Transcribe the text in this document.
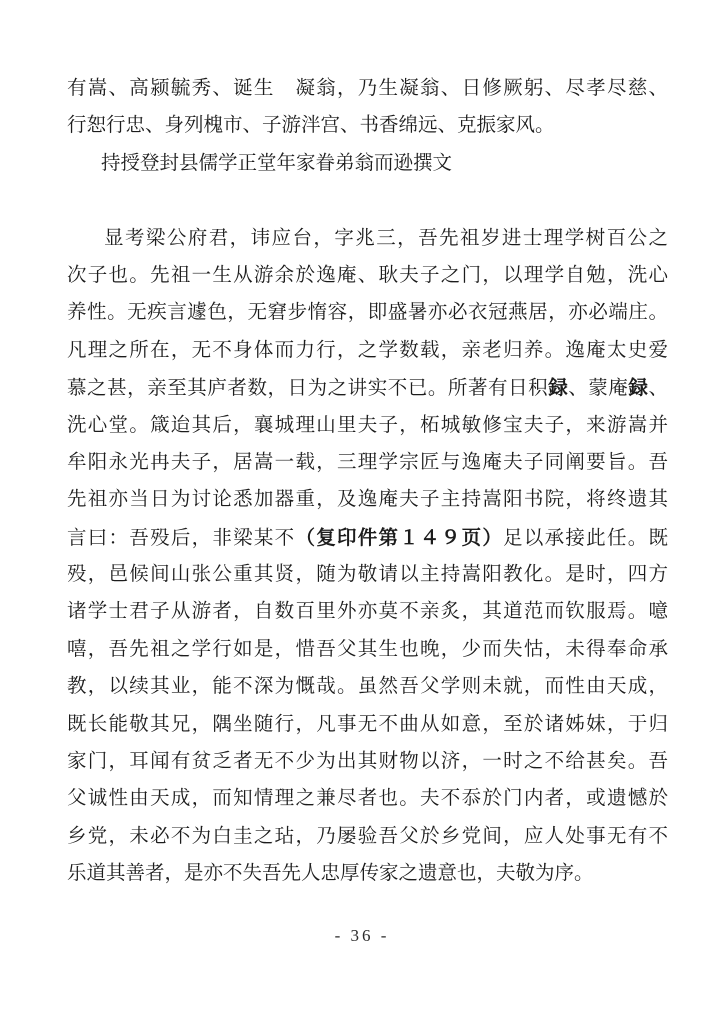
有嵩、高颍毓秀、诞生　凝翁，乃生凝翁、日修厥躬、尽孝尽慈、

行恕行忠、身列槐市、子游泮宫、书香绵远、克振家风。

持授登封县儒学正堂年家眷弟翁而逊撰文

显考梁公府君，讳应台，字兆三，吾先祖岁进士理学树百公之

次子也。先祖一生从游余於逸庵、耿夫子之门，以理学自勉，洗心

养性。无疾言遽色，无窘步惰容，即盛暑亦必衣冠燕居，亦必端庄。

凡理之所在，无不身体而力行，之学数载，亲老归养。逸庵太史爱

慕之甚，亲至其庐者数，日为之讲实不已。所著有日积録、蒙庵録、

洗心堂。箴迨其后，襄城理山里夫子，柘城敏修宝夫子，来游嵩并

牟阳永光冉夫子，居嵩一载，三理学宗匠与逸庵夫子同阐要旨。吾

先祖亦当日为讨论悉加器重，及逸庵夫子主持嵩阳书院，将终遗其

言曰：吾殁后，非梁某不（复印件第１４９页）足以承接此任。既

殁，邑候间山张公重其贤，随为敬请以主持嵩阳教化。是时，四方

诸学士君子从游者，自数百里外亦莫不亲炙，其道范而钦服焉。噫

嘻，吾先祖之学行如是，惜吾父其生也晚，少而失怙，未得奉命承

教，以续其业，能不深为慨哉。虽然吾父学则未就，而性由天成，

既长能敬其兄，隅坐随行，凡事无不曲从如意，至於诸姊妹，于归

家门，耳闻有贫乏者无不少为出其财物以济，一时之不给甚矣。吾

父诚性由天成，而知情理之兼尽者也。夫不忝於门内者，或遗憾於

乡党，未必不为白圭之玷，乃屡验吾父於乡党间，应人处事无有不

乐道其善者，是亦不失吾先人忠厚传家之遗意也，夫敬为序。

- 36 -
